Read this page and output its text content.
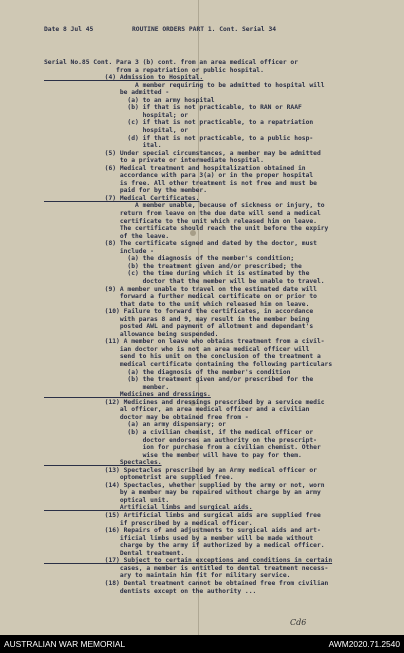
Date 8 Jul 45	ROUTINE ORDERS PART 1. Cont. Serial 34
Serial No.85 Cont. Para 3 (b) cont. from an area medical officer or
from a repatriation or public hospital.
(4) Admission to Hospital.
A member requiring to be admitted to hospital will
be admitted -
(a) to an army hospital
(b) if that is not practicable, to RAN or RAAF
hospital; or
(c) if that is not practicable, to a repatriation
hospital, or
(d) if that is not practicable, to a public hosp-
ital.
(5) Under special circumstances, a member may be admitted
to a private or intermediate hospital.
(6) Medical treatment and hospitalization obtained in
accordance with para 3(a) or in the proper hospital
is free. All other treatment is not free and must be
paid for by the member.
(7) Medical Certificates.
A member unable, because of sickness or injury, to
return from leave on the due date will send a medical
certificate to the unit which released him on leave.
The certificate should reach the unit before the expiry
of the leave.
(8) The certificate signed and dated by the doctor, must
include -
(a) the diagnosis of the member's condition;
(b) the treatment given and/or prescribed; the
(c) the time during which it is estimated by the
doctor that the member will be unable to travel.
(9) A member unable to travel on the estimated date will
forward a further medical certificate on or prior to
that date to the unit which released him on leave.
(10) Failure to forward the certificates, in accordance
with paras 8 and 9, may result in the member being
posted AWL and payment of allotment and dependant's
allowance being suspended.
(11) A member on leave who obtains treatment from a civil-
ian doctor who is not an area medical officer will
send to his unit on the conclusion of the treatment a
medical certificate containing the following particulars
(a) the diagnosis of the member's condition
(b) the treatment given and/or prescribed for the
member.
Medicines and dressings.
(12) Medicines and dressings prescribed by a service medic
al officer, an area medical officer and a civilian
doctor may be obtained free from -
(a) an army dispensary; or
(b) a civilian chemist, if the medical officer or
doctor endorses an authority on the prescript-
ion for purchase from a civilian chemist. Other
wise the member will have to pay for them.
Spectacles.
(13) Spectacles prescribed by an Army medical officer or
optometrist are supplied free.
(14) Spectacles, whether supplied by the army or not, worn
by a member may be repaired without charge by an army
optical unit.
Artificial limbs and surgical aids.
(15) Artificial limbs and surgical aids are supplied free
if prescribed by a medical officer.
(16) Repairs of and adjustments to surgical aids and art-
ificial limbs used by a member will be made without
charge by the army if authorized by a medical officer.
Dental treatment.
(17) Subject to certain exceptions and conditions in certain
cases, a member is entitled to dental treatment necess-
ary to maintain him fit for military service.
(18) Dental treatment cannot be obtained free from civilian
dentists except on the authority ...
Cd6
AUSTRALIAN WAR MEMORIAL	AWM2020.71.2540
